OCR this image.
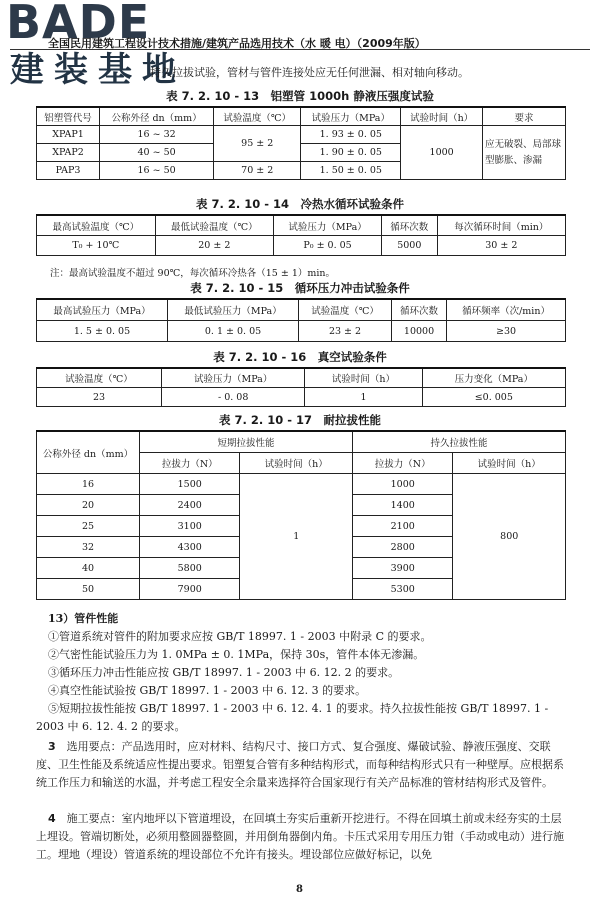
BADE
全国民用建筑工程设计技术措施/建筑产品选用技术（水 暖 电）（2009年版）
建装基地
持久拉拔试验，管材与管件连接处应无任何泄漏、相对轴向移动。
表 7. 2. 10 - 13　铝塑管 1000h 静液压强度试验
铝塑管代号	公称外径 dn（mm）	试验温度（℃）	试验压力（MPa）	试验时间（h）	要求
XPAP1	16 ~ 32	95 ± 2	1. 93 ± 0. 05	1000	应无破裂、局部球型膨胀、渗漏
XPAP2	40 ~ 50		1. 90 ± 0. 05		
PAP3	16 ~ 50	70 ± 2	1. 50 ± 0. 05		
表 7. 2. 10 - 14　冷热水循环试验条件
最高试验温度（℃）	最低试验温度（℃）	试验压力（MPa）	循环次数	每次循环时间（min）
T₀ + 10℃	20 ± 2	P₀ ± 0. 05	5000	30 ± 2
注：最高试验温度不超过 90℃，每次循环冷热各（15 ± 1）min。
表 7. 2. 10 - 15　循环压力冲击试验条件
最高试验压力（MPa）	最低试验压力（MPa）	试验温度（℃）	循环次数	循环频率（次/min）
1. 5 ± 0. 05	0. 1 ± 0. 05	23 ± 2	10000	≥30
表 7. 2. 10 - 16　真空试验条件
试验温度（℃）	试验压力（MPa）	试验时间（h）	压力变化（MPa）
23	- 0. 08	1	≤0. 005
表 7. 2. 10 - 17　耐拉拔性能
公称外径 dn（mm）	短期拉拔性能		持久拉拔性能	
	拉拔力（N）	试验时间（h）	拉拔力（N）	试验时间（h）
16	1500	1	1000	800
20	2400		1400	
25	3100		2100	
32	4300		2800	
40	5800		3900	
50	7900		5300	
13）管件性能
①管道系统对管件的附加要求应按 GB/T 18997. 1 - 2003 中附录 C 的要求。
②气密性能试验压力为 1. 0MPa ± 0. 1MPa，保持 30s，管件本体无渗漏。
③循环压力冲击性能应按 GB/T 18997. 1 - 2003 中 6. 12. 2 的要求。
④真空性能试验按 GB/T 18997. 1 - 2003 中 6. 12. 3 的要求。
⑤短期拉拔性能按 GB/T 18997. 1 - 2003 中 6. 12. 4. 1 的要求。持久拉拔性能按 GB/T 18997. 1 - 2003 中 6. 12. 4. 2 的要求。
3　 选用要点：产品选用时，应对材料、结构尺寸、接口方式、复合强度、爆破试验、静液压强度、交联度、卫生性能及系统适应性提出要求。铝塑复合管有多种结构形式，而每种结构形式只有一种壁厚。应根据系统工作压力和输送的水温，并考虑工程安全余量来选择符合国家现行有关产品标准的管材结构形式及管件。
4　 施工要点：室内地坪以下管道埋设，在回填土夯实后重新开挖进行。不得在回填土前或未经夯实的土层上埋设。管端切断处，必须用整圆器整圆，并用倒角器倒内角。卡压式采用专用压力钳（手动或电动）进行施工。埋地（埋设）管道系统的埋设部位不允许有接头。埋设部位应做好标记，以免
8
